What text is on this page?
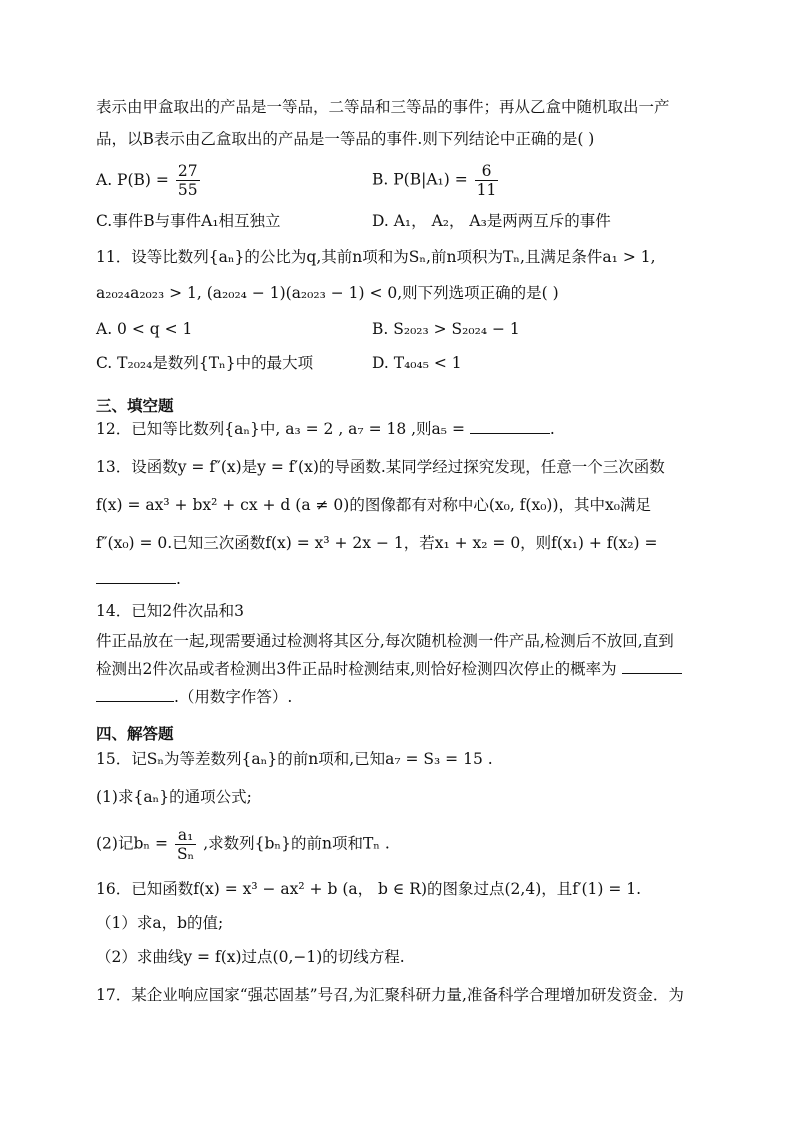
表示由甲盒取出的产品是一等品，二等品和三等品的事件；再从乙盒中随机取出一产
品，以B表示由乙盒取出的产品是一等品的事件.则下列结论中正确的是( )
A. $P(B) = \frac{27}{55}$	B. $P(B|A_1) = \frac{6}{11}$
C.事件B与事件A₁相互独立	D. A₁， A₂， A₃是两两互斥的事件
11．设等比数列{aₙ}的公比为q,其前n项和为Sₙ,前n项积为Tₙ,且满足条件a₁ > 1,
a₂₀₂₄a₂₀₂₃ > 1, (a₂₀₂₄ − 1)(a₂₀₂₃ − 1) < 0,则下列选项正确的是( )
A. 0 < q < 1	B. S₂₀₂₃ > S₂₀₂₄ − 1
C. T₂₀₂₄是数列{Tₙ}中的最大项	D. T₄₀₄₅ < 1
三、填空题
12．已知等比数列{aₙ}中, a₃ = 2 , a₇ = 18 ,则a₅ =	.
13．设函数y = f″(x)是y = f′(x)的导函数.某同学经过探究发现，任意一个三次函数
f(x) = ax³ + bx² + cx + d (a ≠ 0)的图像都有对称中心(x₀, f(x₀))，其中x₀满足
f″(x₀) = 0.已知三次函数f(x) = x³ + 2x − 1，若x₁ + x₂ = 0，则f(x₁) + f(x₂) =
.
14．已知2件次品和3
件正品放在一起,现需要通过检测将其区分,每次随机检测一件产品,检测后不放回,直到
检测出2件次品或者检测出3件正品时检测结束,则恰好检测四次停止的概率为
.（用数字作答）.
四、解答题
15．记Sₙ为等差数列{aₙ}的前n项和,已知a₇ = S₃ = 15 .
(1)求{aₙ}的通项公式;
(2)记$b_n = \frac{\text{a₁}}{\text{Sₙ}}$ ,求数列{bₙ}的前n项和Tₙ .
16．已知函数f(x) = x³ − ax² + b (a， b ∈ R)的图象过点(2,4)，且f′(1) = 1.
（1）求a，b的值;
（2）求曲线y = f(x)过点(0,−1)的切线方程.
17．某企业响应国家“强芯固基”号召,为汇聚科研力量,准备科学合理增加研发资金．为
